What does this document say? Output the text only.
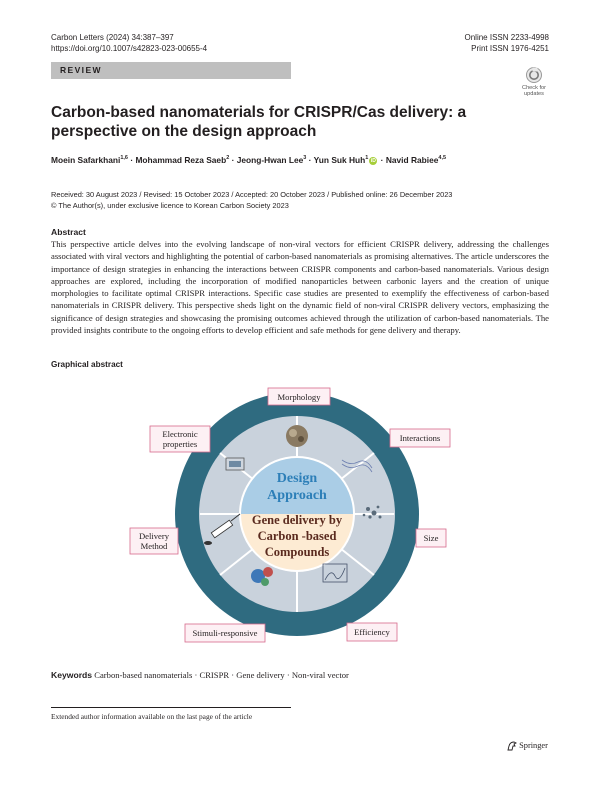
Carbon Letters (2024) 34:387–397
https://doi.org/10.1007/s42823-023-00655-4
Online ISSN 2233-4998
Print ISSN 1976-4251
REVIEW
Check for
updates
Carbon-based nanomaterials for CRISPR/Cas delivery: a perspective on the design approach
Moein Safarkhani$^{1,6}$ · Mohammad Reza Saeb$^2$ · Jeong-Hwan Lee$^3$ · Yun Suk Huh$^1$ iD · Navid Rabiee$^{4,5}$
Received: 30 August 2023 / Revised: 15 October 2023 / Accepted: 20 October 2023 / Published online: 26 December 2023
© The Author(s), under exclusive licence to Korean Carbon Society 2023
Abstract
This perspective article delves into the evolving landscape of non-viral vectors for efficient CRISPR delivery, addressing the challenges associated with viral vectors and highlighting the potential of carbon-based nanomaterials as promising alternatives. The article underscores the importance of design strategies in enhancing the interactions between CRISPR components and carbon-based nanomaterials. Various design approaches are explored, including the incorporation of modified nanoparticles between carbonic layers and the creation of unique morphologies to facilitate optimal CRISPR interactions. Specific case studies are presented to exemplify the effectiveness of carbon-based nanomaterials in CRISPR delivery. This perspective sheds light on the dynamic field of non-viral CRISPR delivery vectors, emphasizing the significance of design strategies and showcasing the promising outcomes achieved through the utilization of carbon-based nanomaterials. The provided insights contribute to the ongoing efforts to develop efficient and safe methods for gene delivery and therapy.
Graphical abstract
Design
Approach
Gene delivery by
Carbon -based
Compounds
Morphology
Interactions
Size
Efficiency
Stimuli-responsive
Delivery
Method
Electronic
properties
Keywords Carbon-based nanomaterials · CRISPR · Gene delivery · Non-viral vector
Extended author information available on the last page of the article
Springer
